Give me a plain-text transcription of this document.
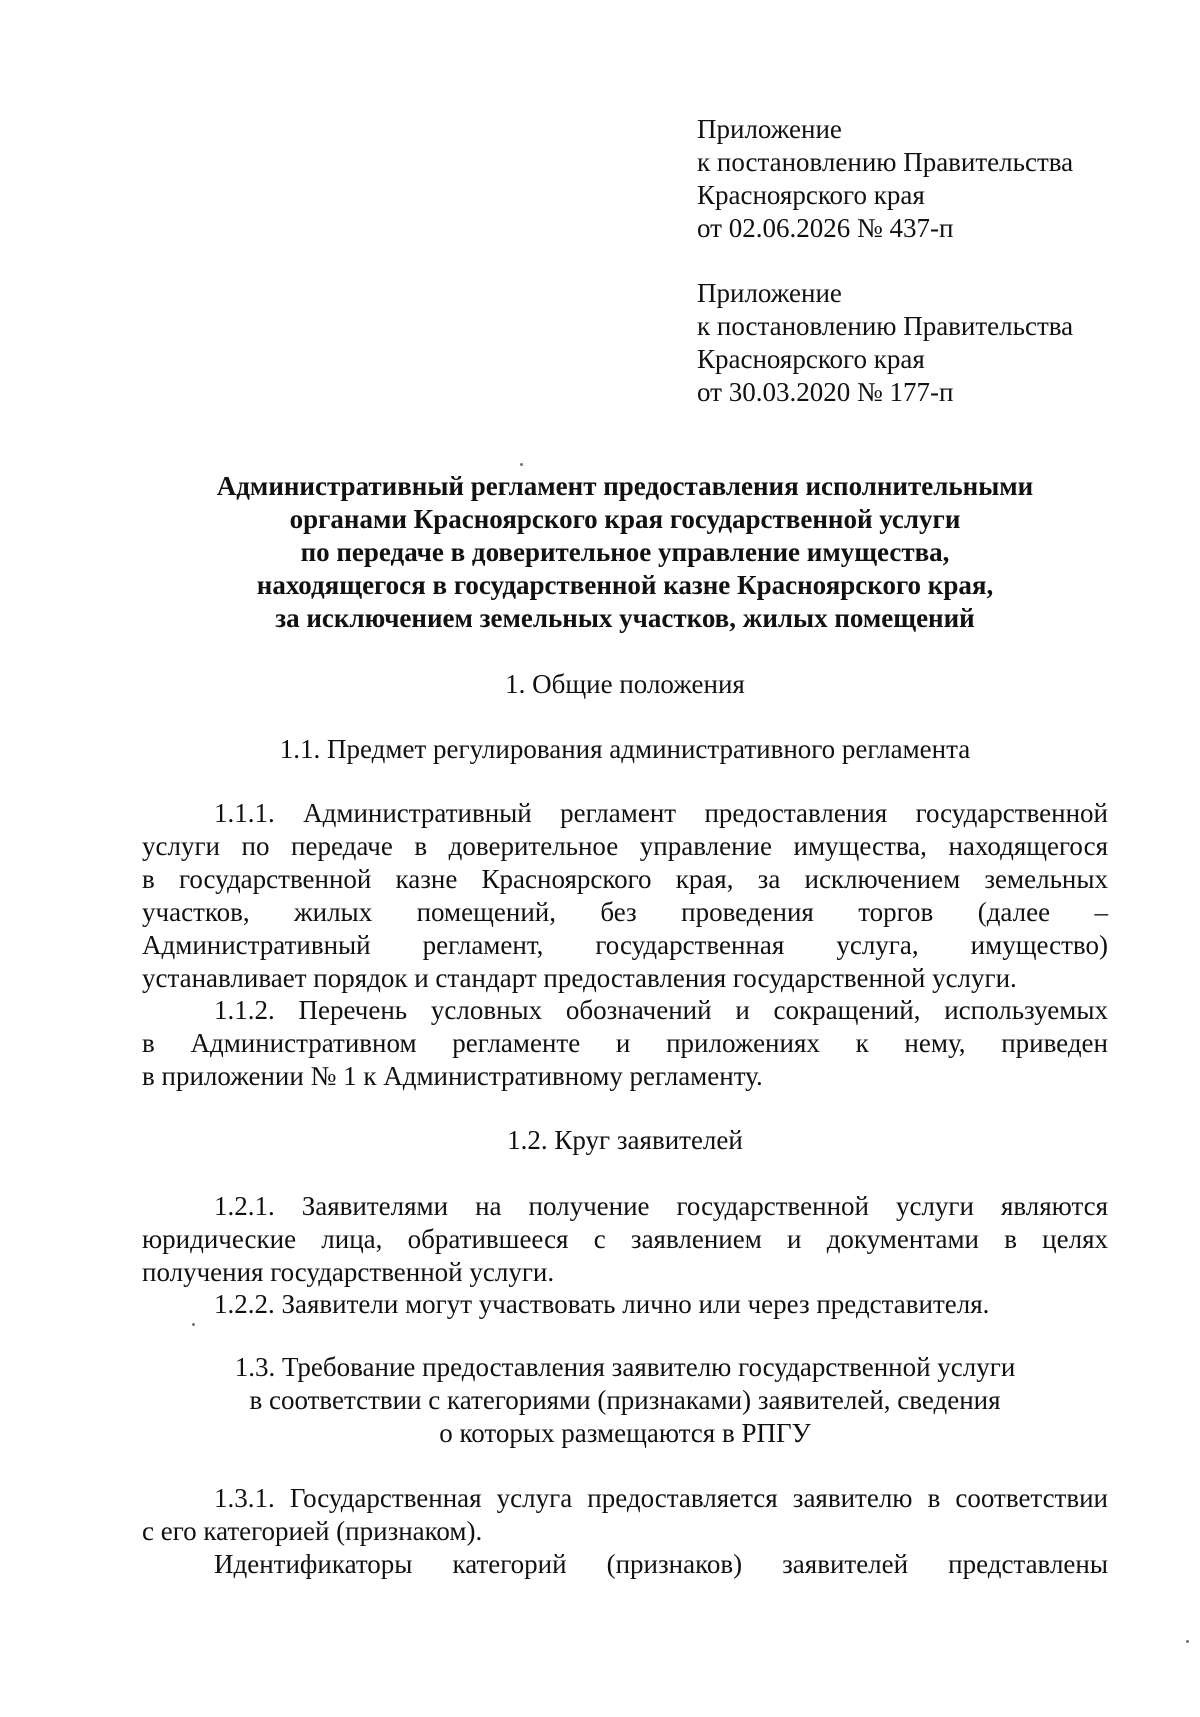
Приложение
к постановлению Правительства
Красноярского края
от 02.06.2026 № 437-п
Приложение
к постановлению Правительства
Красноярского края
от 30.03.2020 № 177-п
Административный регламент предоставления исполнительными
органами Красноярского края государственной услуги
по передаче в доверительное управление имущества,
находящегося в государственной казне Красноярского края,
за исключением земельных участков, жилых помещений
1. Общие положения
1.1. Предмет регулирования административного регламента
1.1.1. Административный регламент предоставления государственной
услуги по передаче в доверительное управление имущества, находящегося
в государственной казне Красноярского края, за исключением земельных
участков, жилых помещений, без проведения торгов (далее –
Административный регламент, государственная услуга, имущество)
устанавливает порядок и стандарт предоставления государственной услуги.
1.1.2. Перечень условных обозначений и сокращений, используемых
в Административном регламенте и приложениях к нему, приведен
в приложении № 1 к Административному регламенту.
1.2. Круг заявителей
1.2.1. Заявителями на получение государственной услуги являются
юридические лица, обратившееся с заявлением и документами в целях
получения государственной услуги.
1.2.2. Заявители могут участвовать лично или через представителя.
1.3. Требование предоставления заявителю государственной услуги
в соответствии с категориями (признаками) заявителей, сведения
о которых размещаются в РПГУ
1.3.1. Государственная услуга предоставляется заявителю в соответствии
с его категорией (признаком).
Идентификаторы категорий (признаков) заявителей представлены
